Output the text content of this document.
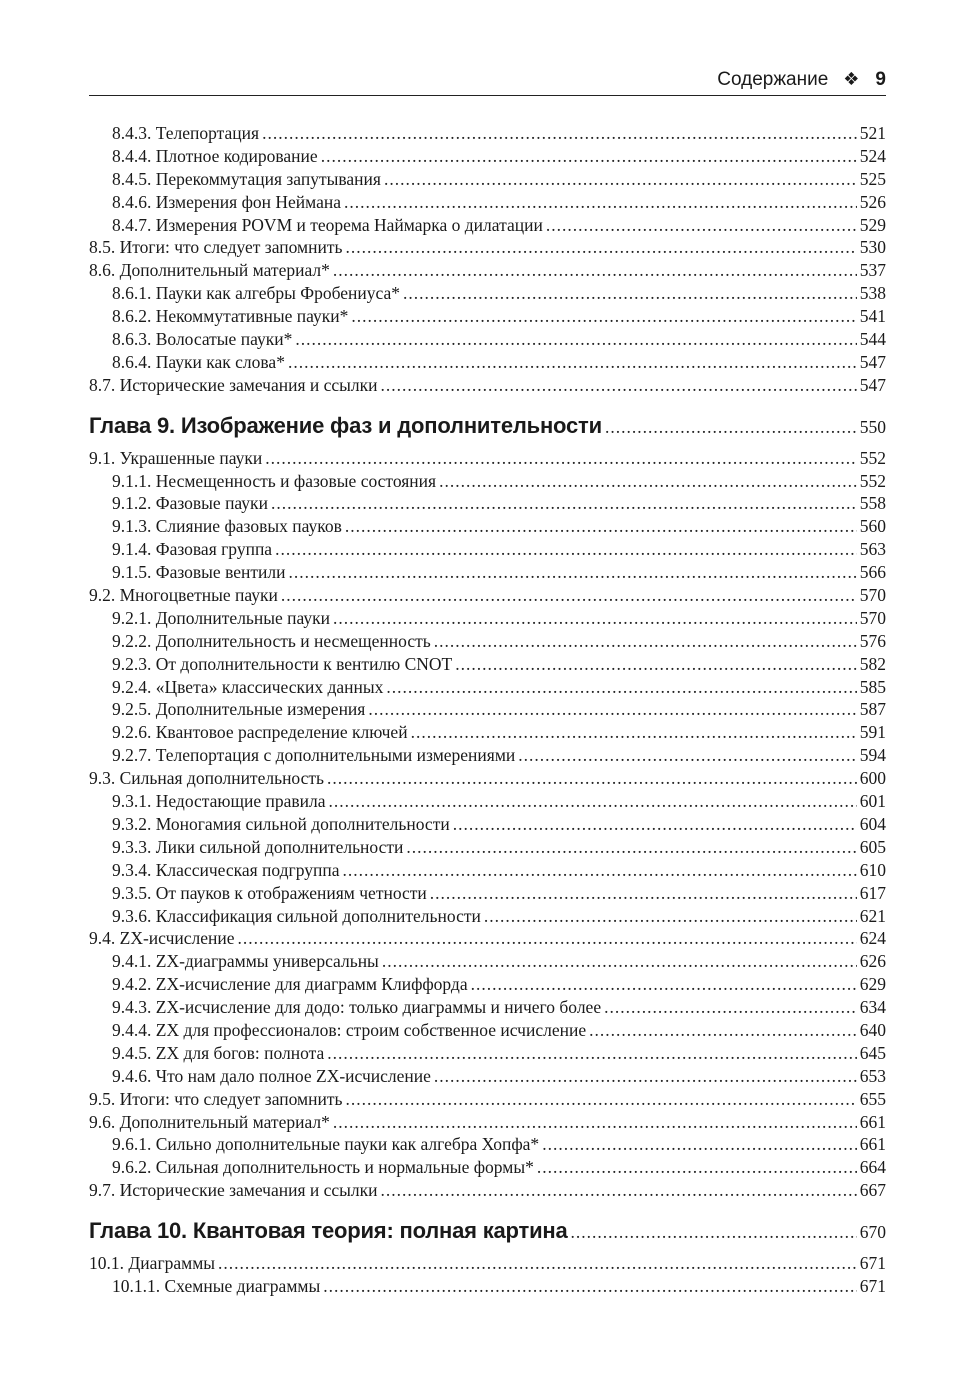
Содержание ❖ 9
8.4.3. Телепортация .....	521
8.4.4. Плотное кодирование .....	524
8.4.5. Перекоммутация запутывания .....	525
8.4.6. Измерения фон Неймана .....	526
8.4.7. Измерения POVM и теорема Наймарка о дилатации .....	529
8.5. Итоги: что следует запомнить .....	530
8.6. Дополнительный материал* .....	537
8.6.1. Пауки как алгебры Фробениуса* .....	538
8.6.2. Некоммутативные пауки* .....	541
8.6.3. Волосатые пауки* .....	544
8.6.4. Пауки как слова* .....	547
8.7. Исторические замечания и ссылки .....	547
Глава 9. Изображение фаз и дополнительности .....	550
9.1. Украшенные пауки .....	552
9.1.1. Несмещенность и фазовые состояния .....	552
9.1.2. Фазовые пауки .....	558
9.1.3. Слияние фазовых пауков .....	560
9.1.4. Фазовая группа .....	563
9.1.5. Фазовые вентили .....	566
9.2. Многоцветные пауки .....	570
9.2.1. Дополнительные пауки .....	570
9.2.2. Дополнительность и несмещенность .....	576
9.2.3. От дополнительности к вентилю CNOT .....	582
9.2.4. «Цвета» классических данных .....	585
9.2.5. Дополнительные измерения .....	587
9.2.6. Квантовое распределение ключей .....	591
9.2.7. Телепортация с дополнительными измерениями .....	594
9.3. Сильная дополнительность .....	600
9.3.1. Недостающие правила .....	601
9.3.2. Моногамия сильной дополнительности .....	604
9.3.3. Лики сильной дополнительности .....	605
9.3.4. Классическая подгруппа .....	610
9.3.5. От пауков к отображениям четности .....	617
9.3.6. Классификация сильной дополнительности .....	621
9.4. ZX-исчисление .....	624
9.4.1. ZX-диаграммы универсальны .....	626
9.4.2. ZX-исчисление для диаграмм Клиффорда .....	629
9.4.3. ZX-исчисление для додо: только диаграммы и ничего более .....	634
9.4.4. ZX для профессионалов: строим собственное исчисление .....	640
9.4.5. ZX для богов: полнота .....	645
9.4.6. Что нам дало полное ZX-исчисление .....	653
9.5. Итоги: что следует запомнить .....	655
9.6. Дополнительный материал* .....	661
9.6.1. Сильно дополнительные пауки как алгебра Хопфа* .....	661
9.6.2. Сильная дополнительность и нормальные формы* .....	664
9.7. Исторические замечания и ссылки .....	667
Глава 10. Квантовая теория: полная картина .....	670
10.1. Диаграммы .....	671
10.1.1. Схемные диаграммы .....	671
